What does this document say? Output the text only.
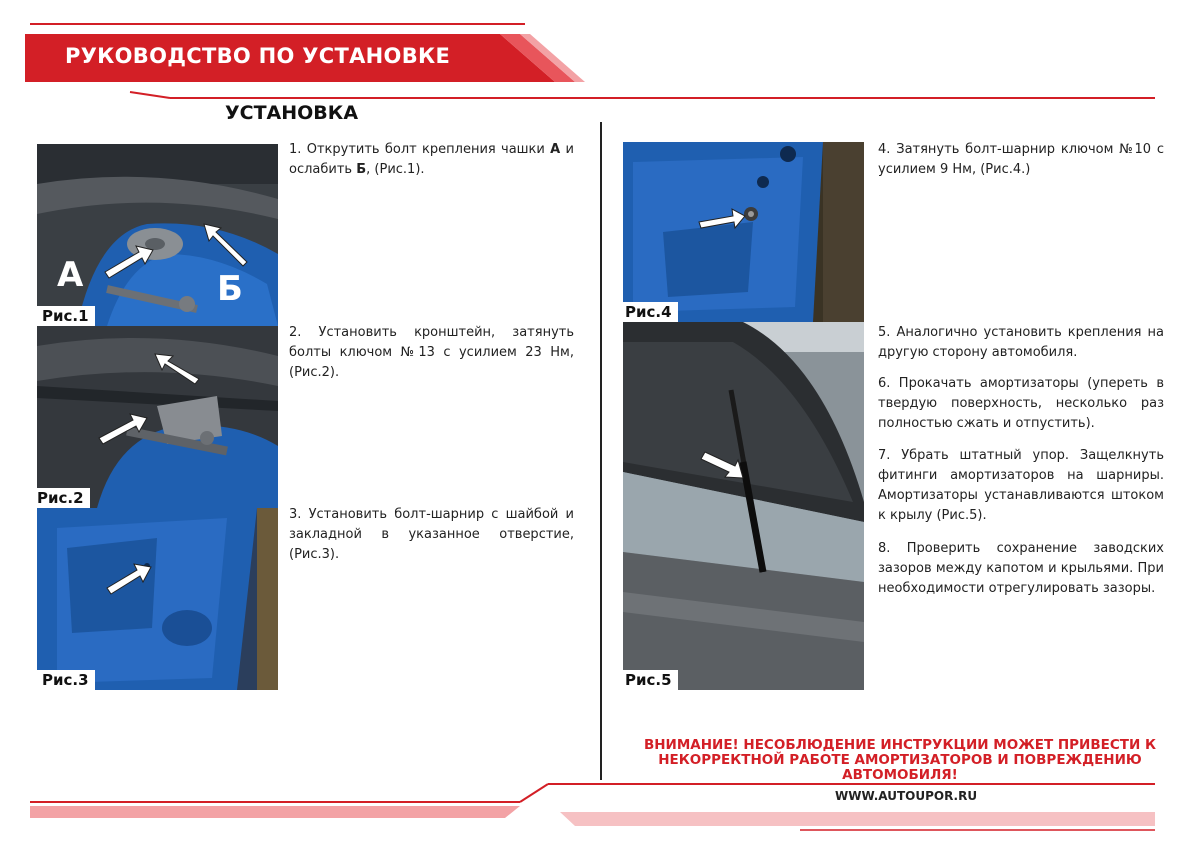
РУКОВОДСТВО ПО УСТАНОВКЕ
УСТАНОВКА
А	Б
Рис.1
Рис.2
Рис.3
Рис.4
Рис.5
1. Открутить болт крепления чашки А и ослабить Б, (Рис.1).
2. Установить кронштейн, затянуть болты ключом №13 с усилием 23 Нм, (Рис.2).
3. Установить болт-шарнир с шайбой и закладной в указанное отверстие, (Рис.3).
4. Затянуть болт-шарнир ключом №10 с усилием 9 Нм, (Рис.4.)
5. Аналогично установить крепления на другую сторону автомобиля.
6. Прокачать амортизаторы (упереть в твердую поверхность, несколько раз полностью сжать и отпустить).
7. Убрать штатный упор. Защелкнуть фитинги амортизаторов на шарниры. Амортизаторы устанавливаются штоком к крылу (Рис.5).
8. Проверить сохранение заводских зазоров между капотом и крыльями. При необходимости отрегулировать зазоры.
ВНИМАНИЕ! НЕСОБЛЮДЕНИЕ ИНСТРУКЦИИ МОЖЕТ ПРИВЕСТИ К НЕКОРРЕКТНОЙ РАБОТЕ АМОРТИЗАТОРОВ И ПОВРЕЖДЕНИЮ АВТОМОБИЛЯ!
WWW.AUTOUPOR.RU
